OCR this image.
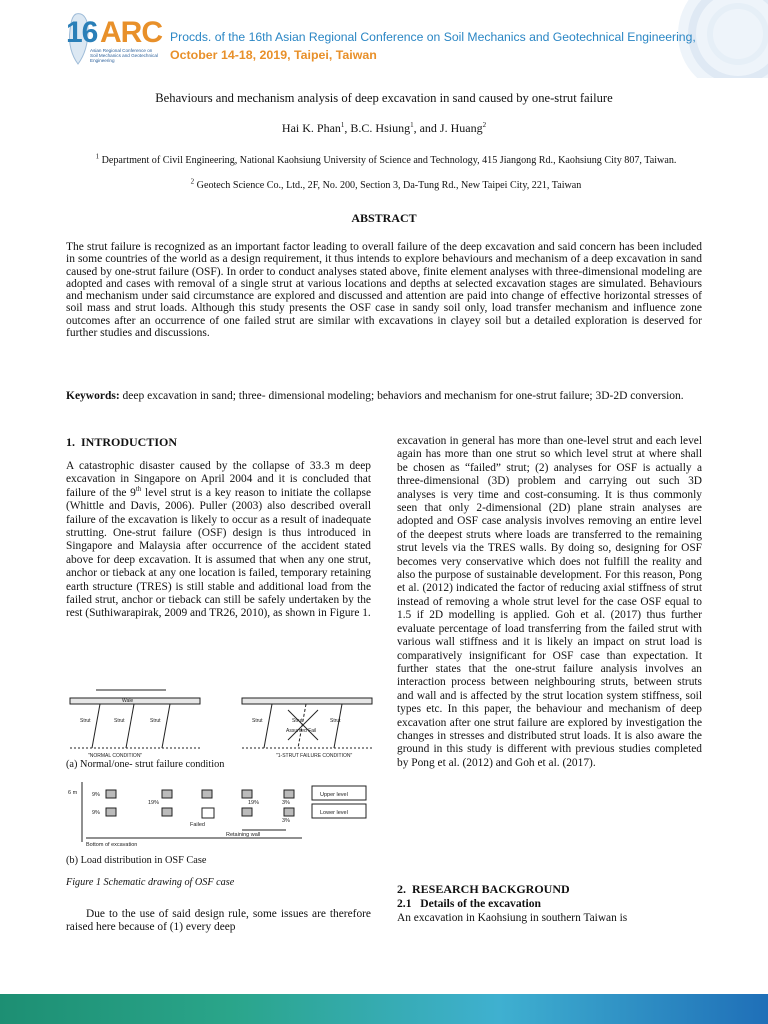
16 ARC
Asian Regional Conference on Soil Mechanics and Geotechnical Engineering
Procds. of the 16th Asian Regional Conference on Soil Mechanics and Geotechnical Engineering,
October 14-18, 2019, Taipei, Taiwan
Behaviours and mechanism analysis of deep excavation in sand caused by one-strut failure
Hai K. Phan$^1$, B.C. Hsiung$^1$, and J. Huang$^2$
$^1$ Department of Civil Engineering, National Kaohsiung University of Science and Technology, 415 Jiangong Rd., Kaohsiung City 807, Taiwan.
$^2$ Geotech Science Co., Ltd., 2F, No. 200, Section 3, Da-Tung Rd., New Taipei City, 221, Taiwan
ABSTRACT
The strut failure is recognized as an important factor leading to overall failure of the deep excavation and said concern has been included in some countries of the world as a design requirement, it thus intends to explore behaviours and mechanism of a deep excavation in sand caused by one-strut failure (OSF). In order to conduct analyses stated above, finite element analyses with three-dimensional modeling are adopted and cases with removal of a single strut at various locations and depths at selected excavation stages are simulated. Behaviours and mechanism under said circumstance are explored and discussed and attention are paid into change of effective horizontal stresses of soil mass and strut loads. Although this study presents the OSF case in sandy soil only, load transfer mechanism and influence zone outcomes after an occurrence of one failed strut are similar with excavations in clayey soil but a detailed exploration is deserved for further studies and discussions.
Keywords: deep excavation in sand; three- dimensional modeling; behaviors and mechanism for one-strut failure; 3D-2D conversion.
1. INTRODUCTION
A catastrophic disaster caused by the collapse of 33.3 m deep excavation in Singapore on April 2004 and it is concluded that failure of the 9th level strut is a key reason to initiate the collapse (Whittle and Davis, 2006). Puller (2003) also described overall failure of the excavation is likely to occur as a result of inadequate strutting. One-strut failure (OSF) design is thus introduced in Singapore and Malaysia after occurrence of the accident stated above for deep excavation. It is assumed that when any one strut, anchor or tieback at any one location is failed, temporary retaining earth structure (TRES) is still stable and additional load from the failed strut, anchor or tieback can still be safely undertaken by the rest (Suthiwarapirak, 2009 and TR26, 2010), as shown in Figure 1.
Wale
Strut	Strut	Strut	Strut	Strut	Strut
Assumed Fail
"NORMAL CONDITION"	"1-STRUT FAILURE CONDITION"
(a) Normal/one- strut failure condition
6 m	9%
9%
19%	19%	3%
3%
Failed
Upper level
Lower level
Retaining wall
Bottom of excavation
(b) Load distribution in OSF Case
Figure 1 Schematic drawing of OSF case
Due to the use of said design rule, some issues are therefore raised here because of (1) every deep
excavation in general has more than one-level strut and each level again has more than one strut so which level strut at where shall be chosen as “failed” strut; (2) analyses for OSF is actually a three-dimensional (3D) problem and carrying out such 3D analyses is very time and cost-consuming. It is thus commonly seen that only 2-dimensional (2D) plane strain analyses are adopted and OSF case analysis involves removing an entire level of the deepest struts where loads are transferred to the remaining strut levels via the TRES walls. By doing so, designing for OSF becomes very conservative which does not fulfill the reality and also the purpose of sustainable development. For this reason, Pong et al. (2012) indicated the factor of reducing axial stiffness of strut instead of removing a whole strut level for the case OSF equal to 1.5 if 2D modelling is applied. Goh et al. (2017) thus further evaluate percentage of load transferring from the failed strut with various wall stiffness and it is likely an impact on strut load is comparatively insignificant for OSF case than expectation. It further states that the one-strut failure analysis involves an interaction process between neighbouring struts, between struts and wall and is affected by the strut location system stiffness, soil types etc. In this paper, the behaviour and mechanism of deep excavation after one strut failure are explored by investigation the changes in stresses and distributed strut loads. It is also aware the ground in this study is different with previous studies completed by Pong et al. (2012) and Goh et al. (2017).
2. RESEARCH BACKGROUND
2.1 Details of the excavation
An excavation in Kaohsiung in southern Taiwan is
